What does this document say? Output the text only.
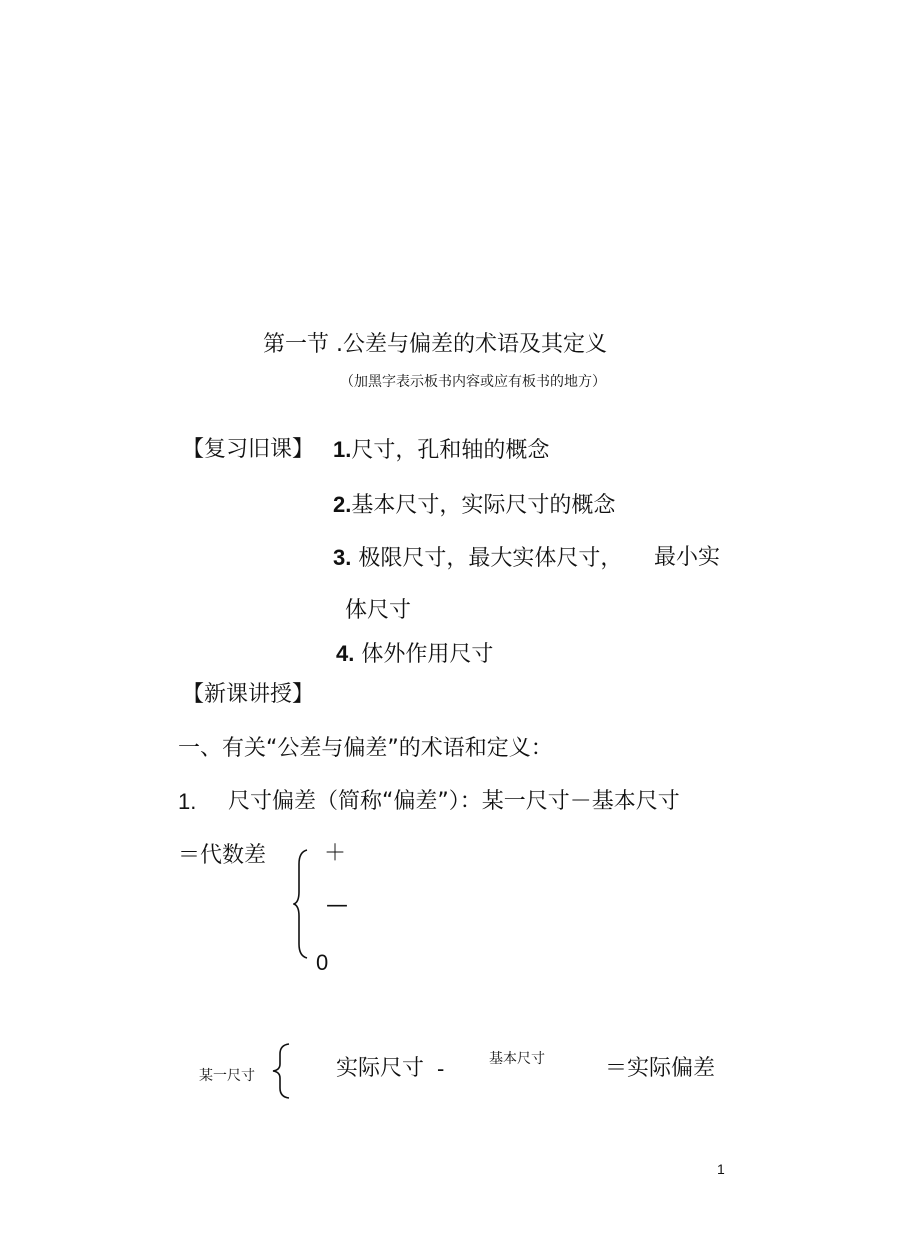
第一节 .公差与偏差的术语及其定义
（加黑字表示板书内容或应有板书的地方）
【复习旧课】 1.尺寸，孔和轴的概念
2.基本尺寸，实际尺寸的概念
3. 极限尺寸，最大实体尺寸， 最小实
体尺寸
4. 体外作用尺寸
【新课讲授】
一、有关“公差与偏差”的术语和定义：
1. 尺寸偏差（简称“偏差”）：某一尺寸－基本尺寸
＝代数差	＋
—
0
某一尺寸	实际尺寸 -	基本尺寸	＝实际偏差
1
